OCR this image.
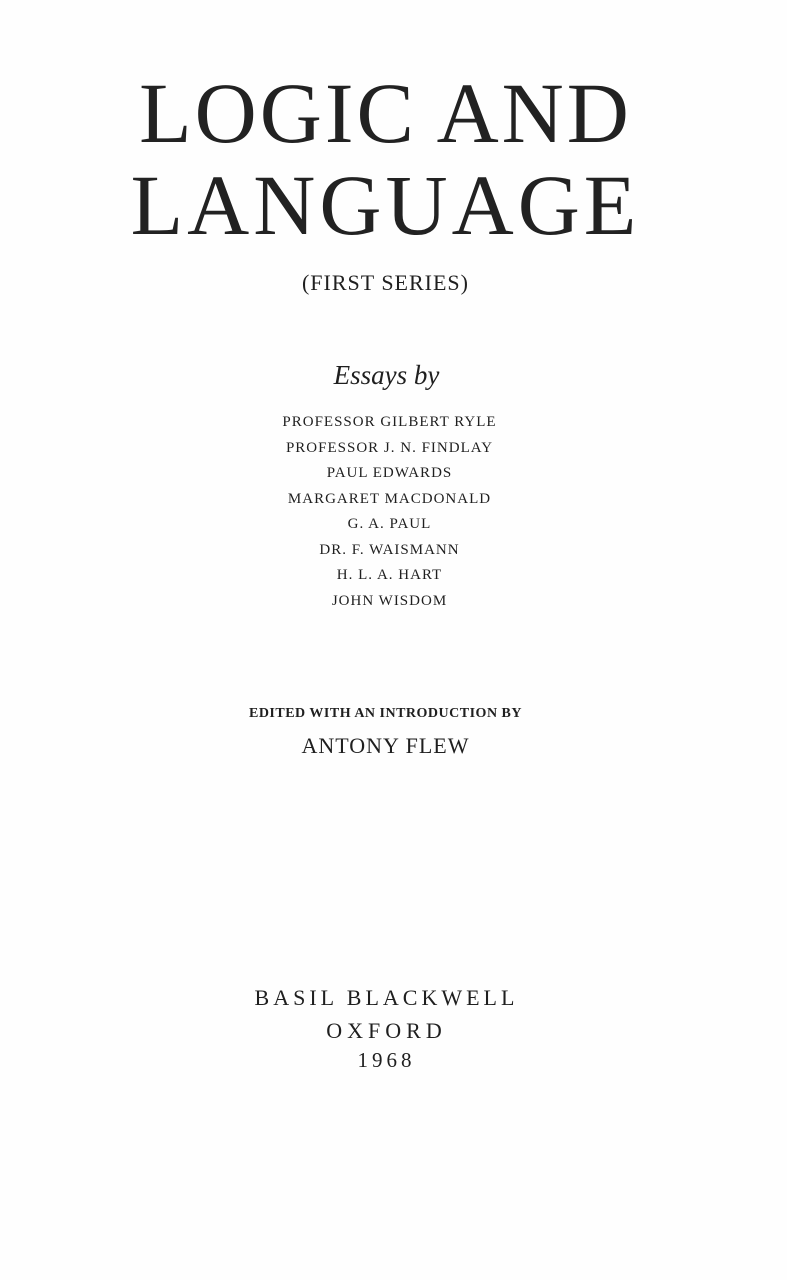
LOGIC AND
LANGUAGE
(FIRST SERIES)
Essays by
PROFESSOR GILBERT RYLE
PROFESSOR J. N. FINDLAY
PAUL EDWARDS
MARGARET MACDONALD
G. A. PAUL
DR. F. WAISMANN
H. L. A. HART
JOHN WISDOM
EDITED WITH AN INTRODUCTION BY
ANTONY FLEW
BASIL BLACKWELL
OXFORD
1968
